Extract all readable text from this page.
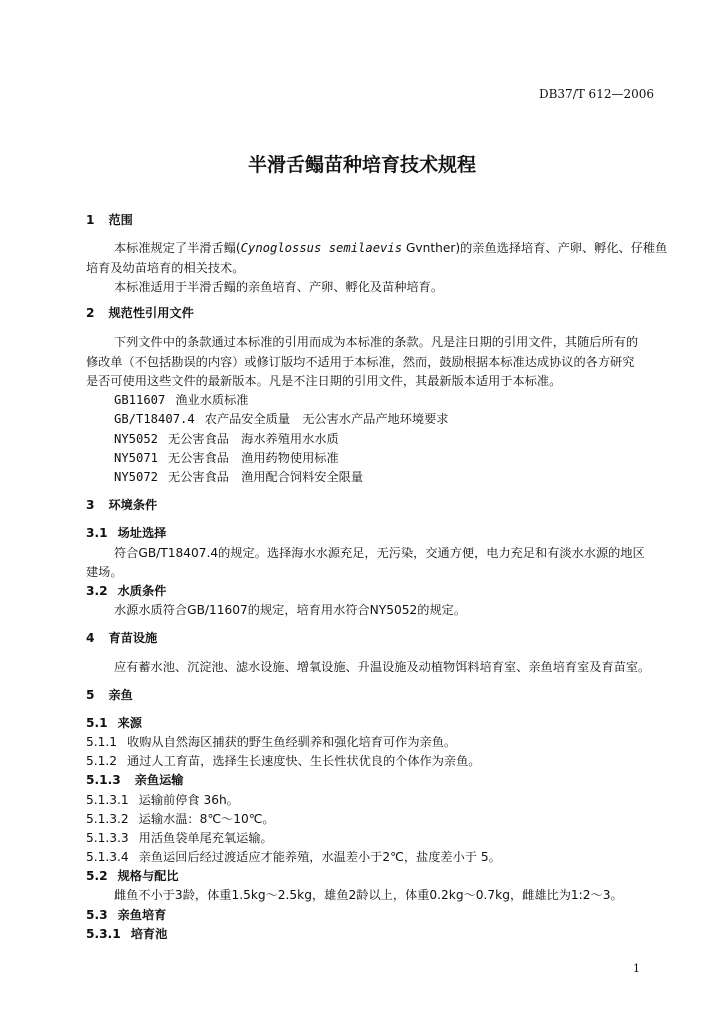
DB37/T 612—2006
半滑舌鳎苗种培育技术规程
1 范围
本标准规定了半滑舌鳎(Cynoglossus semilaevis Gvnther)的亲鱼选择培育、产卵、孵化、仔稚鱼
培育及幼苗培育的相关技术。
本标准适用于半滑舌鳎的亲鱼培育、产卵、孵化及苗种培育。
2 规范性引用文件
下列文件中的条款通过本标准的引用而成为本标准的条款。凡是注日期的引用文件，其随后所有的
修改单（不包括勘误的内容）或修订版均不适用于本标准，然而，鼓励根据本标准达成协议的各方研究
是否可使用这些文件的最新版本。凡是不注日期的引用文件，其最新版本适用于本标准。
GB11607 渔业水质标准
GB/T18407.4 农产品安全质量　无公害水产品产地环境要求
NY5052 无公害食品　海水养殖用水水质
NY5071 无公害食品　渔用药物使用标准
NY5072 无公害食品　渔用配合饲料安全限量
3 环境条件
3.1 场址选择
符合GB/T18407.4的规定。选择海水水源充足，无污染，交通方便，电力充足和有淡水水源的地区
建场。
3.2 水质条件
水源水质符合GB/11607的规定，培育用水符合NY5052的规定。
4 育苗设施
应有蓄水池、沉淀池、滤水设施、增氧设施、升温设施及动植物饵料培育室、亲鱼培育室及育苗室。
5 亲鱼
5.1 来源
5.1.1 收购从自然海区捕获的野生鱼经驯养和强化培育可作为亲鱼。
5.1.2 通过人工育苗，选择生长速度快、生长性状优良的个体作为亲鱼。
5.1.3 亲鱼运输
5.1.3.1 运输前停食 36h。
5.1.3.2 运输水温：8℃～10℃。
5.1.3.3 用活鱼袋单尾充氧运输。
5.1.3.4 亲鱼运回后经过渡适应才能养殖，水温差小于2℃，盐度差小于 5。
5.2 规格与配比
雌鱼不小于3龄，体重1.5kg～2.5kg，雄鱼2龄以上，体重0.2kg～0.7kg，雌雄比为1:2～3。
5.3 亲鱼培育
5.3.1 培育池
1
